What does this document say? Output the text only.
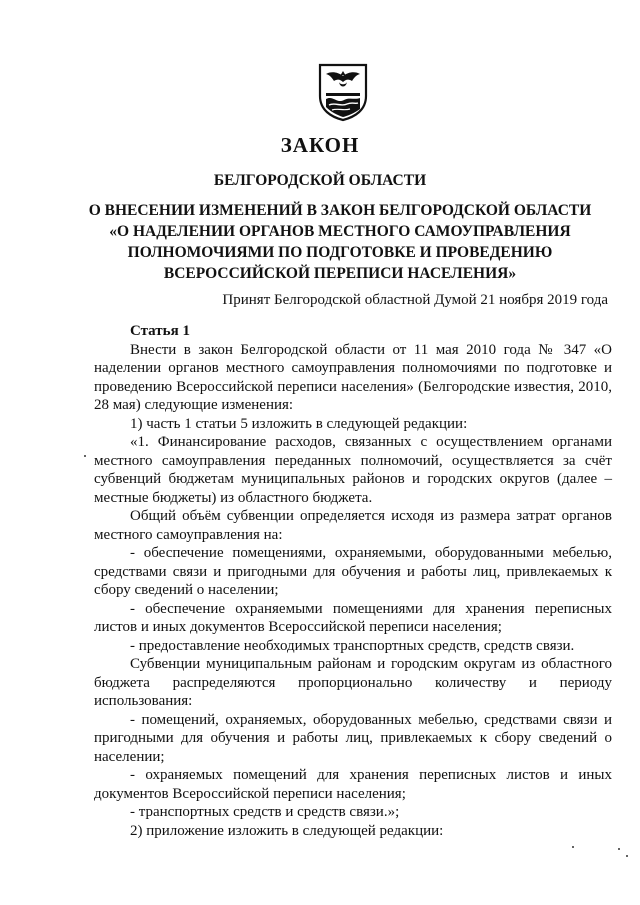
ЗАКОН
БЕЛГОРОДСКОЙ ОБЛАСТИ
О ВНЕСЕНИИ ИЗМЕНЕНИЙ В ЗАКОН БЕЛГОРОДСКОЙ ОБЛАСТИ
«О НАДЕЛЕНИИ ОРГАНОВ МЕСТНОГО САМОУПРАВЛЕНИЯ
ПОЛНОМОЧИЯМИ ПО ПОДГОТОВКЕ И ПРОВЕДЕНИЮ
ВСЕРОССИЙСКОЙ ПЕРЕПИСИ НАСЕЛЕНИЯ»

Принят Белгородской областной Думой 21 ноября 2019 года

Статья 1

Внести в закон Белгородской области от 11 мая 2010 года № 347 «О наделении органов местного самоуправления полномочиями по подготовке и проведению Всероссийской переписи населения» (Белгородские известия, 2010, 28 мая) следующие изменения:

1) часть 1 статьи 5 изложить в следующей редакции:

«1. Финансирование расходов, связанных с осуществлением органами местного самоуправления переданных полномочий, осуществляется за счёт субвенций бюджетам муниципальных районов и городских округов (далее – местные бюджеты) из областного бюджета.

Общий объём субвенции определяется исходя из размера затрат органов местного самоуправления на:

- обеспечение помещениями, охраняемыми, оборудованными мебелью, средствами связи и пригодными для обучения и работы лиц, привлекаемых к сбору сведений о населении;

- обеспечение охраняемыми помещениями для хранения переписных листов и иных документов Всероссийской переписи населения;

- предоставление необходимых транспортных средств, средств связи.

Субвенции муниципальным районам и городским округам из областного бюджета распределяются пропорционально количеству и периоду использования:

- помещений, охраняемых, оборудованных мебелью, средствами связи и пригодными для обучения и работы лиц, привлекаемых к сбору сведений о населении;

- охраняемых помещений для хранения переписных листов и иных документов Всероссийской переписи населения;

- транспортных средств и средств связи.»;

2) приложение изложить в следующей редакции:
